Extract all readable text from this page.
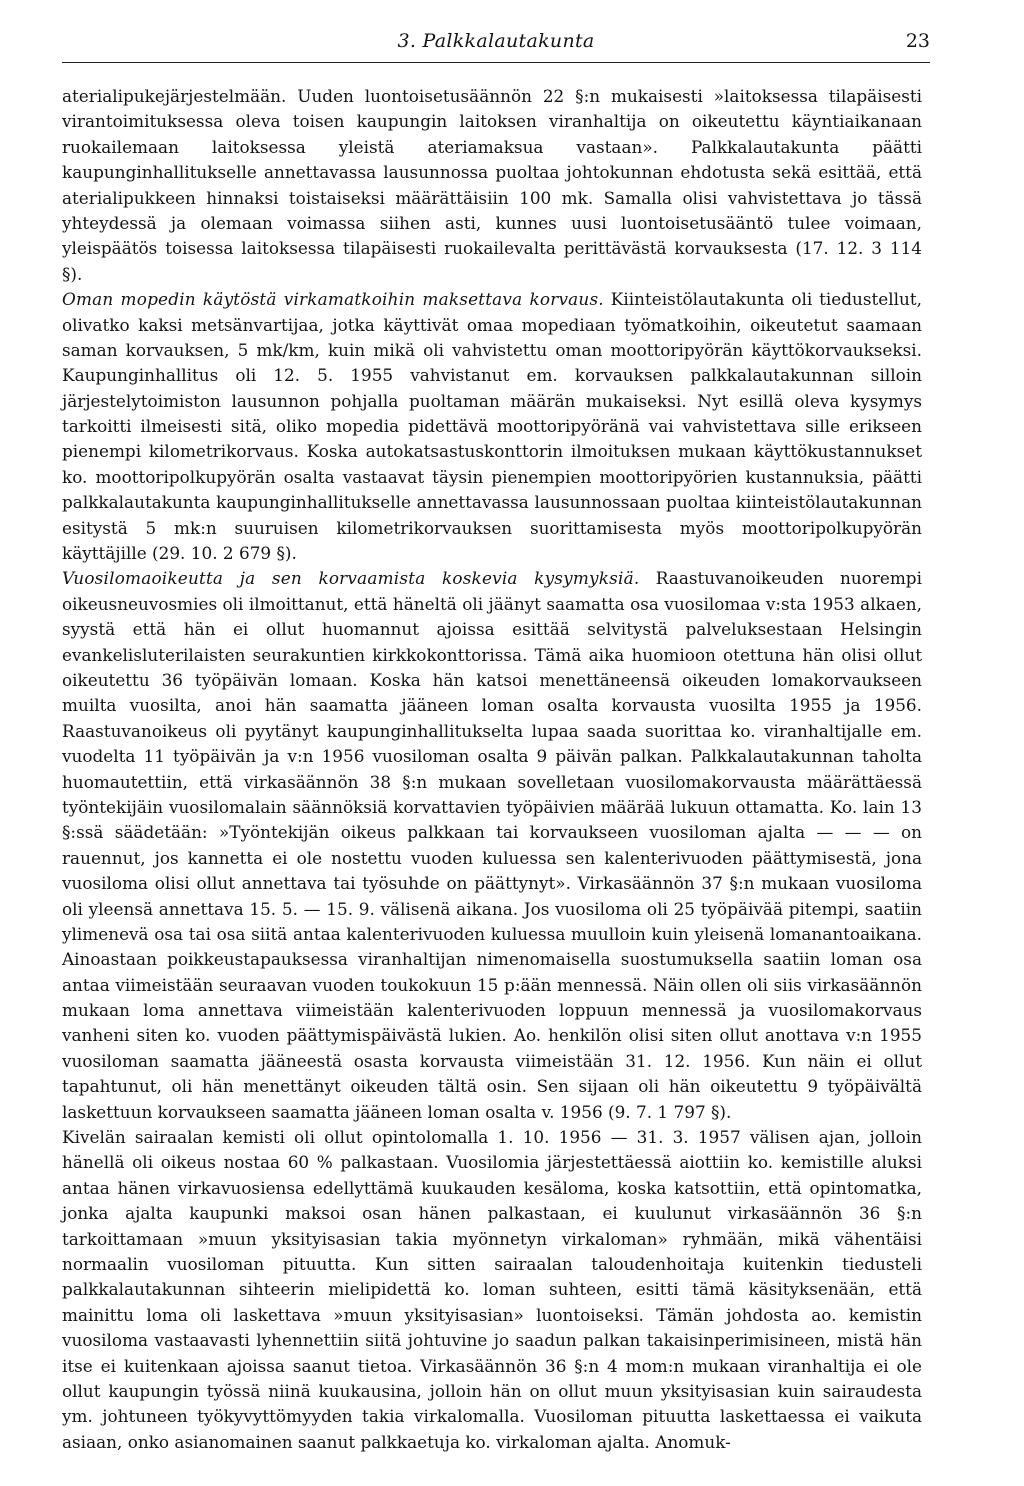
3. Palkkalautakunta	23

aterialipukejärjestelmään. Uuden luontoisetusäännön 22 §:n mukaisesti »laitoksessa tilapäisesti virantoimituksessa oleva toisen kaupungin laitoksen viranhaltija on oikeutettu käyntiaikanaan ruokailemaan laitoksessa yleistä ateriamaksua vastaan». Palkkalautakunta päätti kaupunginhallitukselle annettavassa lausunnossa puoltaa johtokunnan ehdotusta sekä esittää, että aterialipukkeen hinnaksi toistaiseksi määrättäisiin 100 mk. Samalla olisi vahvistettava jo tässä yhteydessä ja olemaan voimassa siihen asti, kunnes uusi luontoisetusääntö tulee voimaan, yleispäätös toisessa laitoksessa tilapäisesti ruokailevalta perittävästä korvauksesta (17. 12. 3 114 §).

Oman mopedin käytöstä virkamatkoihin maksettava korvaus. Kiinteistölautakunta oli tiedustellut, olivatko kaksi metsänvartijaa, jotka käyttivät omaa mopediaan työmatkoihin, oikeutetut saamaan saman korvauksen, 5 mk/km, kuin mikä oli vahvistettu oman moottoripyörän käyttökorvaukseksi. Kaupunginhallitus oli 12. 5. 1955 vahvistanut em. korvauksen palkkalautakunnan silloin järjestelytoimiston lausunnon pohjalla puoltaman määrän mukaiseksi. Nyt esillä oleva kysymys tarkoitti ilmeisesti sitä, oliko mopedia pidettävä moottoripyöränä vai vahvistettava sille erikseen pienempi kilometrikorvaus. Koska autokatsastuskonttorin ilmoituksen mukaan käyttökustannukset ko. moottoripolkupyörän osalta vastaavat täysin pienempien moottoripyörien kustannuksia, päätti palkkalautakunta kaupunginhallitukselle annettavassa lausunnossaan puoltaa kiinteistölautakunnan esitystä 5 mk:n suuruisen kilometrikorvauksen suorittamisesta myös moottoripolkupyörän käyttäjille (29. 10. 2 679 §).

Vuosilomaoikeutta ja sen korvaamista koskevia kysymyksiä. Raastuvanoikeuden nuorempi oikeusneuvosmies oli ilmoittanut, että häneltä oli jäänyt saamatta osa vuosilomaa v:sta 1953 alkaen, syystä että hän ei ollut huomannut ajoissa esittää selvitystä palveluksestaan Helsingin evankelisluterilaisten seurakuntien kirkkokonttorissa. Tämä aika huomioon otettuna hän olisi ollut oikeutettu 36 työpäivän lomaan. Koska hän katsoi menettäneensä oikeuden lomakorvaukseen muilta vuosilta, anoi hän saamatta jääneen loman osalta korvausta vuosilta 1955 ja 1956. Raastuvanoikeus oli pyytänyt kaupunginhallitukselta lupaa saada suorittaa ko. viranhaltijalle em. vuodelta 11 työpäivän ja v:n 1956 vuosiloman osalta 9 päivän palkan. Palkkalautakunnan taholta huomautettiin, että virkasäännön 38 §:n mukaan sovelletaan vuosilomakorvausta määrättäessä työntekijäin vuosilomalain säännöksiä korvattavien työpäivien määrää lukuun ottamatta. Ko. lain 13 §:ssä säädetään: »Työntekijän oikeus palkkaan tai korvaukseen vuosiloman ajalta — — — on rauennut, jos kannetta ei ole nostettu vuoden kuluessa sen kalenterivuoden päättymisestä, jona vuosiloma olisi ollut annettava tai työsuhde on päättynyt». Virkasäännön 37 §:n mukaan vuosiloma oli yleensä annettava 15. 5. — 15. 9. välisenä aikana. Jos vuosiloma oli 25 työpäivää pitempi, saatiin ylimenevä osa tai osa siitä antaa kalenterivuoden kuluessa muulloin kuin yleisenä lomanantoaikana. Ainoastaan poikkeustapauksessa viranhaltijan nimenomaisella suostumuksella saatiin loman osa antaa viimeistään seuraavan vuoden toukokuun 15 p:ään mennessä. Näin ollen oli siis virkasäännön mukaan loma annettava viimeistään kalenterivuoden loppuun mennessä ja vuosilomakorvaus vanheni siten ko. vuoden päättymispäivästä lukien. Ao. henkilön olisi siten ollut anottava v:n 1955 vuosiloman saamatta jääneestä osasta korvausta viimeistään 31. 12. 1956. Kun näin ei ollut tapahtunut, oli hän menettänyt oikeuden tältä osin. Sen sijaan oli hän oikeutettu 9 työpäivältä laskettuun korvaukseen saamatta jääneen loman osalta v. 1956 (9. 7. 1 797 §).

Kivelän sairaalan kemisti oli ollut opintolomalla 1. 10. 1956 — 31. 3. 1957 välisen ajan, jolloin hänellä oli oikeus nostaa 60 % palkastaan. Vuosilomia järjestettäessä aiottiin ko. kemistille aluksi antaa hänen virkavuosiensa edellyttämä kuukauden kesäloma, koska katsottiin, että opintomatka, jonka ajalta kaupunki maksoi osan hänen palkastaan, ei kuulunut virkasäännön 36 §:n tarkoittamaan »muun yksityisasian takia myönnetyn virkaloman» ryhmään, mikä vähentäisi normaalin vuosiloman pituutta. Kun sitten sairaalan taloudenhoitaja kuitenkin tiedusteli palkkalautakunnan sihteerin mielipidettä ko. loman suhteen, esitti tämä käsityksenään, että mainittu loma oli laskettava »muun yksityisasian» luontoiseksi. Tämän johdosta ao. kemistin vuosiloma vastaavasti lyhennettiin siitä johtuvine jo saadun palkan takaisinperimisineen, mistä hän itse ei kuitenkaan ajoissa saanut tietoa. Virkasäännön 36 §:n 4 mom:n mukaan viranhaltija ei ole ollut kaupungin työssä niinä kuukausina, jolloin hän on ollut muun yksityisasian kuin sairaudesta ym. johtuneen työkyvyttömyyden takia virkalomalla. Vuosiloman pituutta laskettaessa ei vaikuta asiaan, onko asianomainen saanut palkkaetuja ko. virkaloman ajalta. Anomuk-
